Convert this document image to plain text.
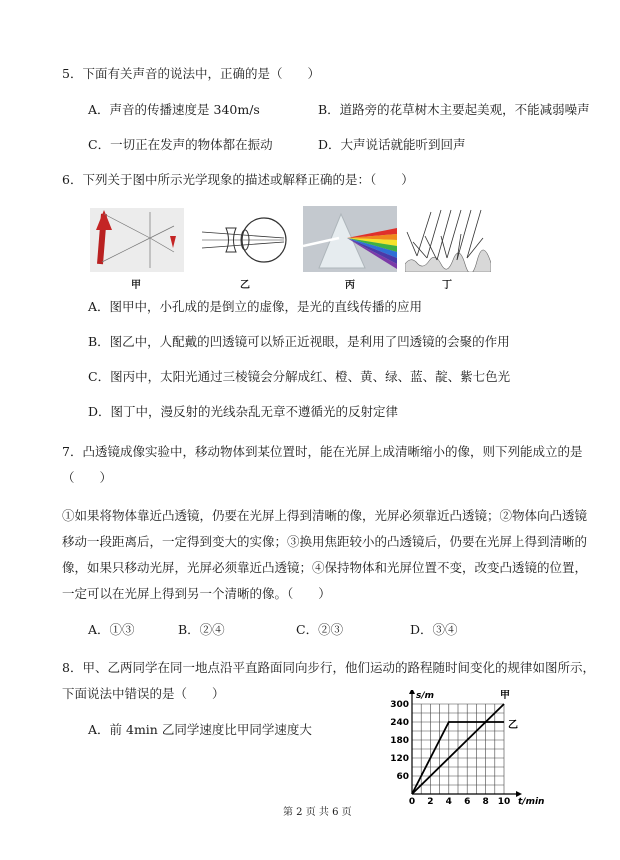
5．下面有关声音的说法中，正确的是（　　）
A．声音的传播速度是 340m/s	B．道路旁的花草树木主要起美观，不能减弱噪声
C．一切正在发声的物体都在振动	D．大声说话就能听到回声
6．下列关于图中所示光学现象的描述或解释正确的是：（　　）
甲	乙	丙	丁
A．图甲中，小孔成的是倒立的虚像，是光的直线传播的应用
B．图乙中，人配戴的凹透镜可以矫正近视眼，是利用了凹透镜的会聚的作用
C．图丙中，太阳光通过三棱镜会分解成红、橙、黄、绿、蓝、靛、紫七色光
D．图丁中，漫反射的光线杂乱无章不遵循光的反射定律
7．凸透镜成像实验中，移动物体到某位置时，能在光屏上成清晰缩小的像，则下列能成立的是
（　　）
①如果将物体靠近凸透镜，仍要在光屏上得到清晰的像，光屏必须靠近凸透镜；②物体向凸透镜
移动一段距离后，一定得到变大的实像；③换用焦距较小的凸透镜后，仍要在光屏上得到清晰的
像，如果只移动光屏，光屏必须靠近凸透镜；④保持物体和光屏位置不变，改变凸透镜的位置，
一定可以在光屏上得到另一个清晰的像。（　　）
A．①③	B．②④	C．②③	D．③④
8．甲、乙两同学在同一地点沿平直路面同向步行，他们运动的路程随时间变化的规律如图所示，
下面说法中错误的是（　　）
A．前 4min 乙同学速度比甲同学速度大
0 2 4 6 8 10
60
120
180
240
300
t/min
s/m	甲
乙
第 2 页 共 6 页
